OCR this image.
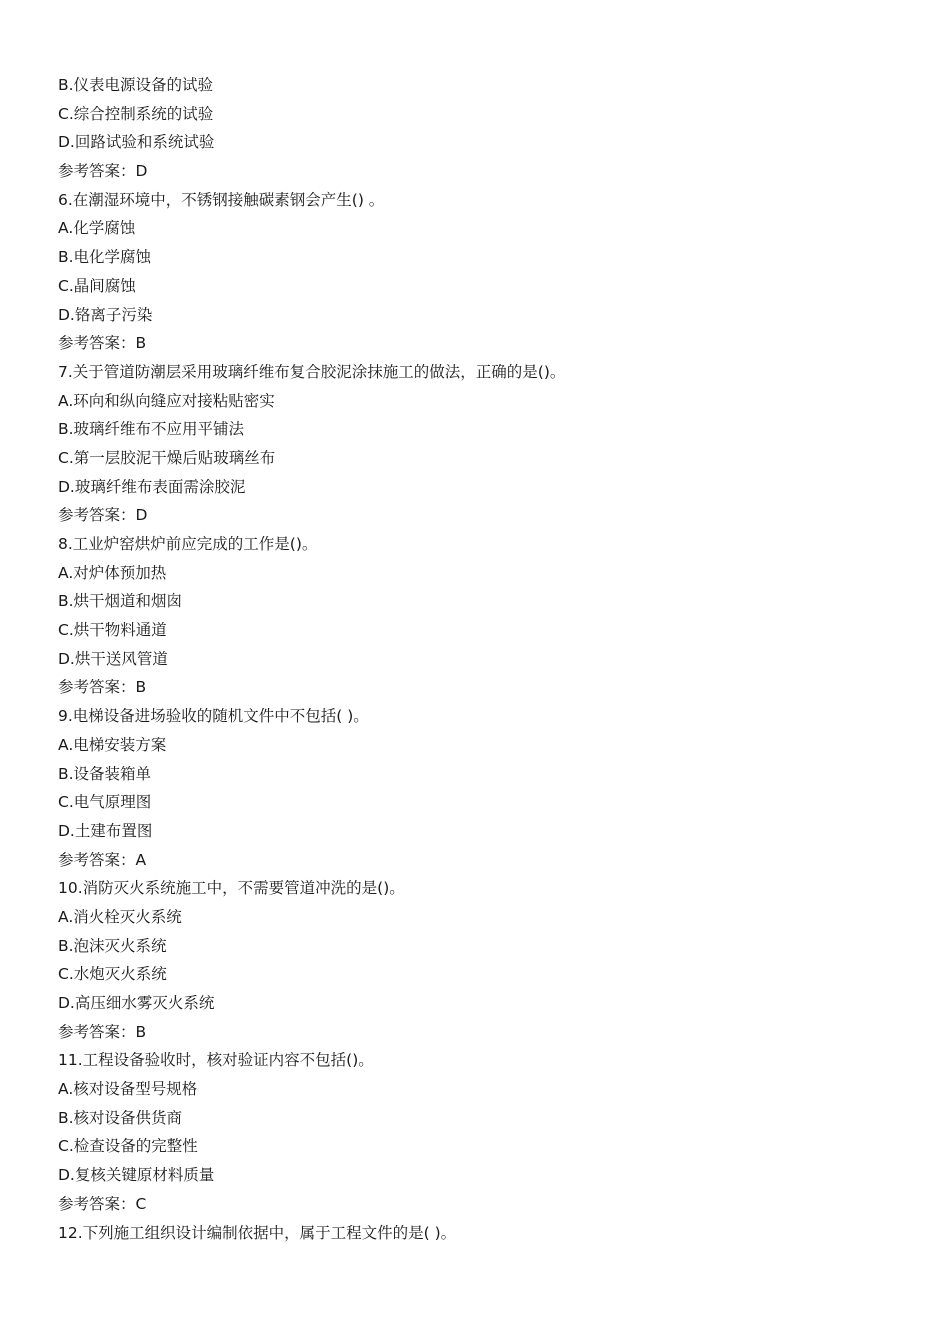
B.仪表电源设备的试验
C.综合控制系统的试验
D.回路试验和系统试验
参考答案：D
6.在潮湿环境中，不锈钢接触碳素钢会产生() 。
A.化学腐蚀
B.电化学腐蚀
C.晶间腐蚀
D.铬离子污染
参考答案：B
7.关于管道防潮层采用玻璃纤维布复合胶泥涂抹施工的做法，正确的是()。
A.环向和纵向缝应对接粘贴密实
B.玻璃纤维布不应用平铺法
C.第一层胶泥干燥后贴玻璃丝布
D.玻璃纤维布表面需涂胶泥
参考答案：D
8.工业炉窑烘炉前应完成的工作是()。
A.对炉体预加热
B.烘干烟道和烟囱
C.烘干物料通道
D.烘干送风管道
参考答案：B
9.电梯设备进场验收的随机文件中不包括( )。
A.电梯安装方案
B.设备装箱单
C.电气原理图
D.土建布置图
参考答案：A
10.消防灭火系统施工中，不需要管道冲洗的是()。
A.消火栓灭火系统
B.泡沫灭火系统
C.水炮灭火系统
D.高压细水雾灭火系统
参考答案：B
11.工程设备验收时，核对验证内容不包括()。
A.核对设备型号规格
B.核对设备供货商
C.检查设备的完整性
D.复核关键原材料质量
参考答案：C
12.下列施工组织设计编制依据中，属于工程文件的是( )。
